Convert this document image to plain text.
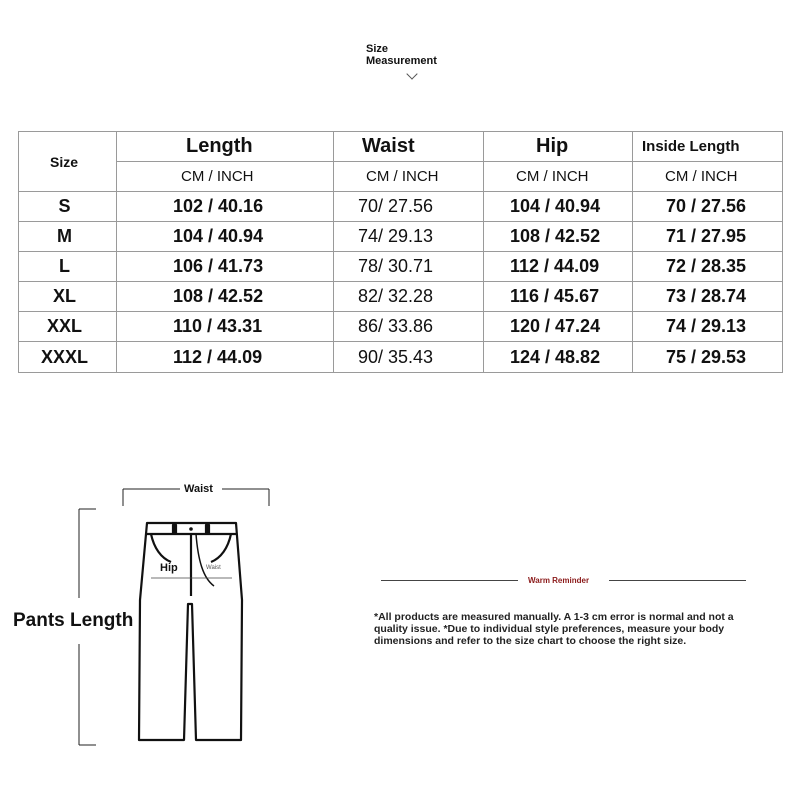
Size
Measurement
Size	Length	Waist	Hip	Inside Length
	CM / INCH	CM / INCH	CM / INCH	CM / INCH
S	102 / 40.16	70/ 27.56	104 / 40.94	70 / 27.56
M	104 / 40.94	74/ 29.13	108 / 42.52	71 / 27.95
L	106 / 41.73	78/ 30.71	112 / 44.09	72 / 28.35
XL	108 / 42.52	82/ 32.28	116 / 45.67	73 / 28.74
XXL	110 / 43.31	86/ 33.86	120 / 47.24	74 / 29.13
XXXL	112 / 44.09	90/ 35.43	124 / 48.82	75 / 29.53
Waist
Hip	Waist
Pants Length
Warm Reminder
*All products are measured manually. A 1-3 cm error is normal and not a quality issue. *Due to individual style preferences, measure your body dimensions and refer to the size chart to choose the right size.
